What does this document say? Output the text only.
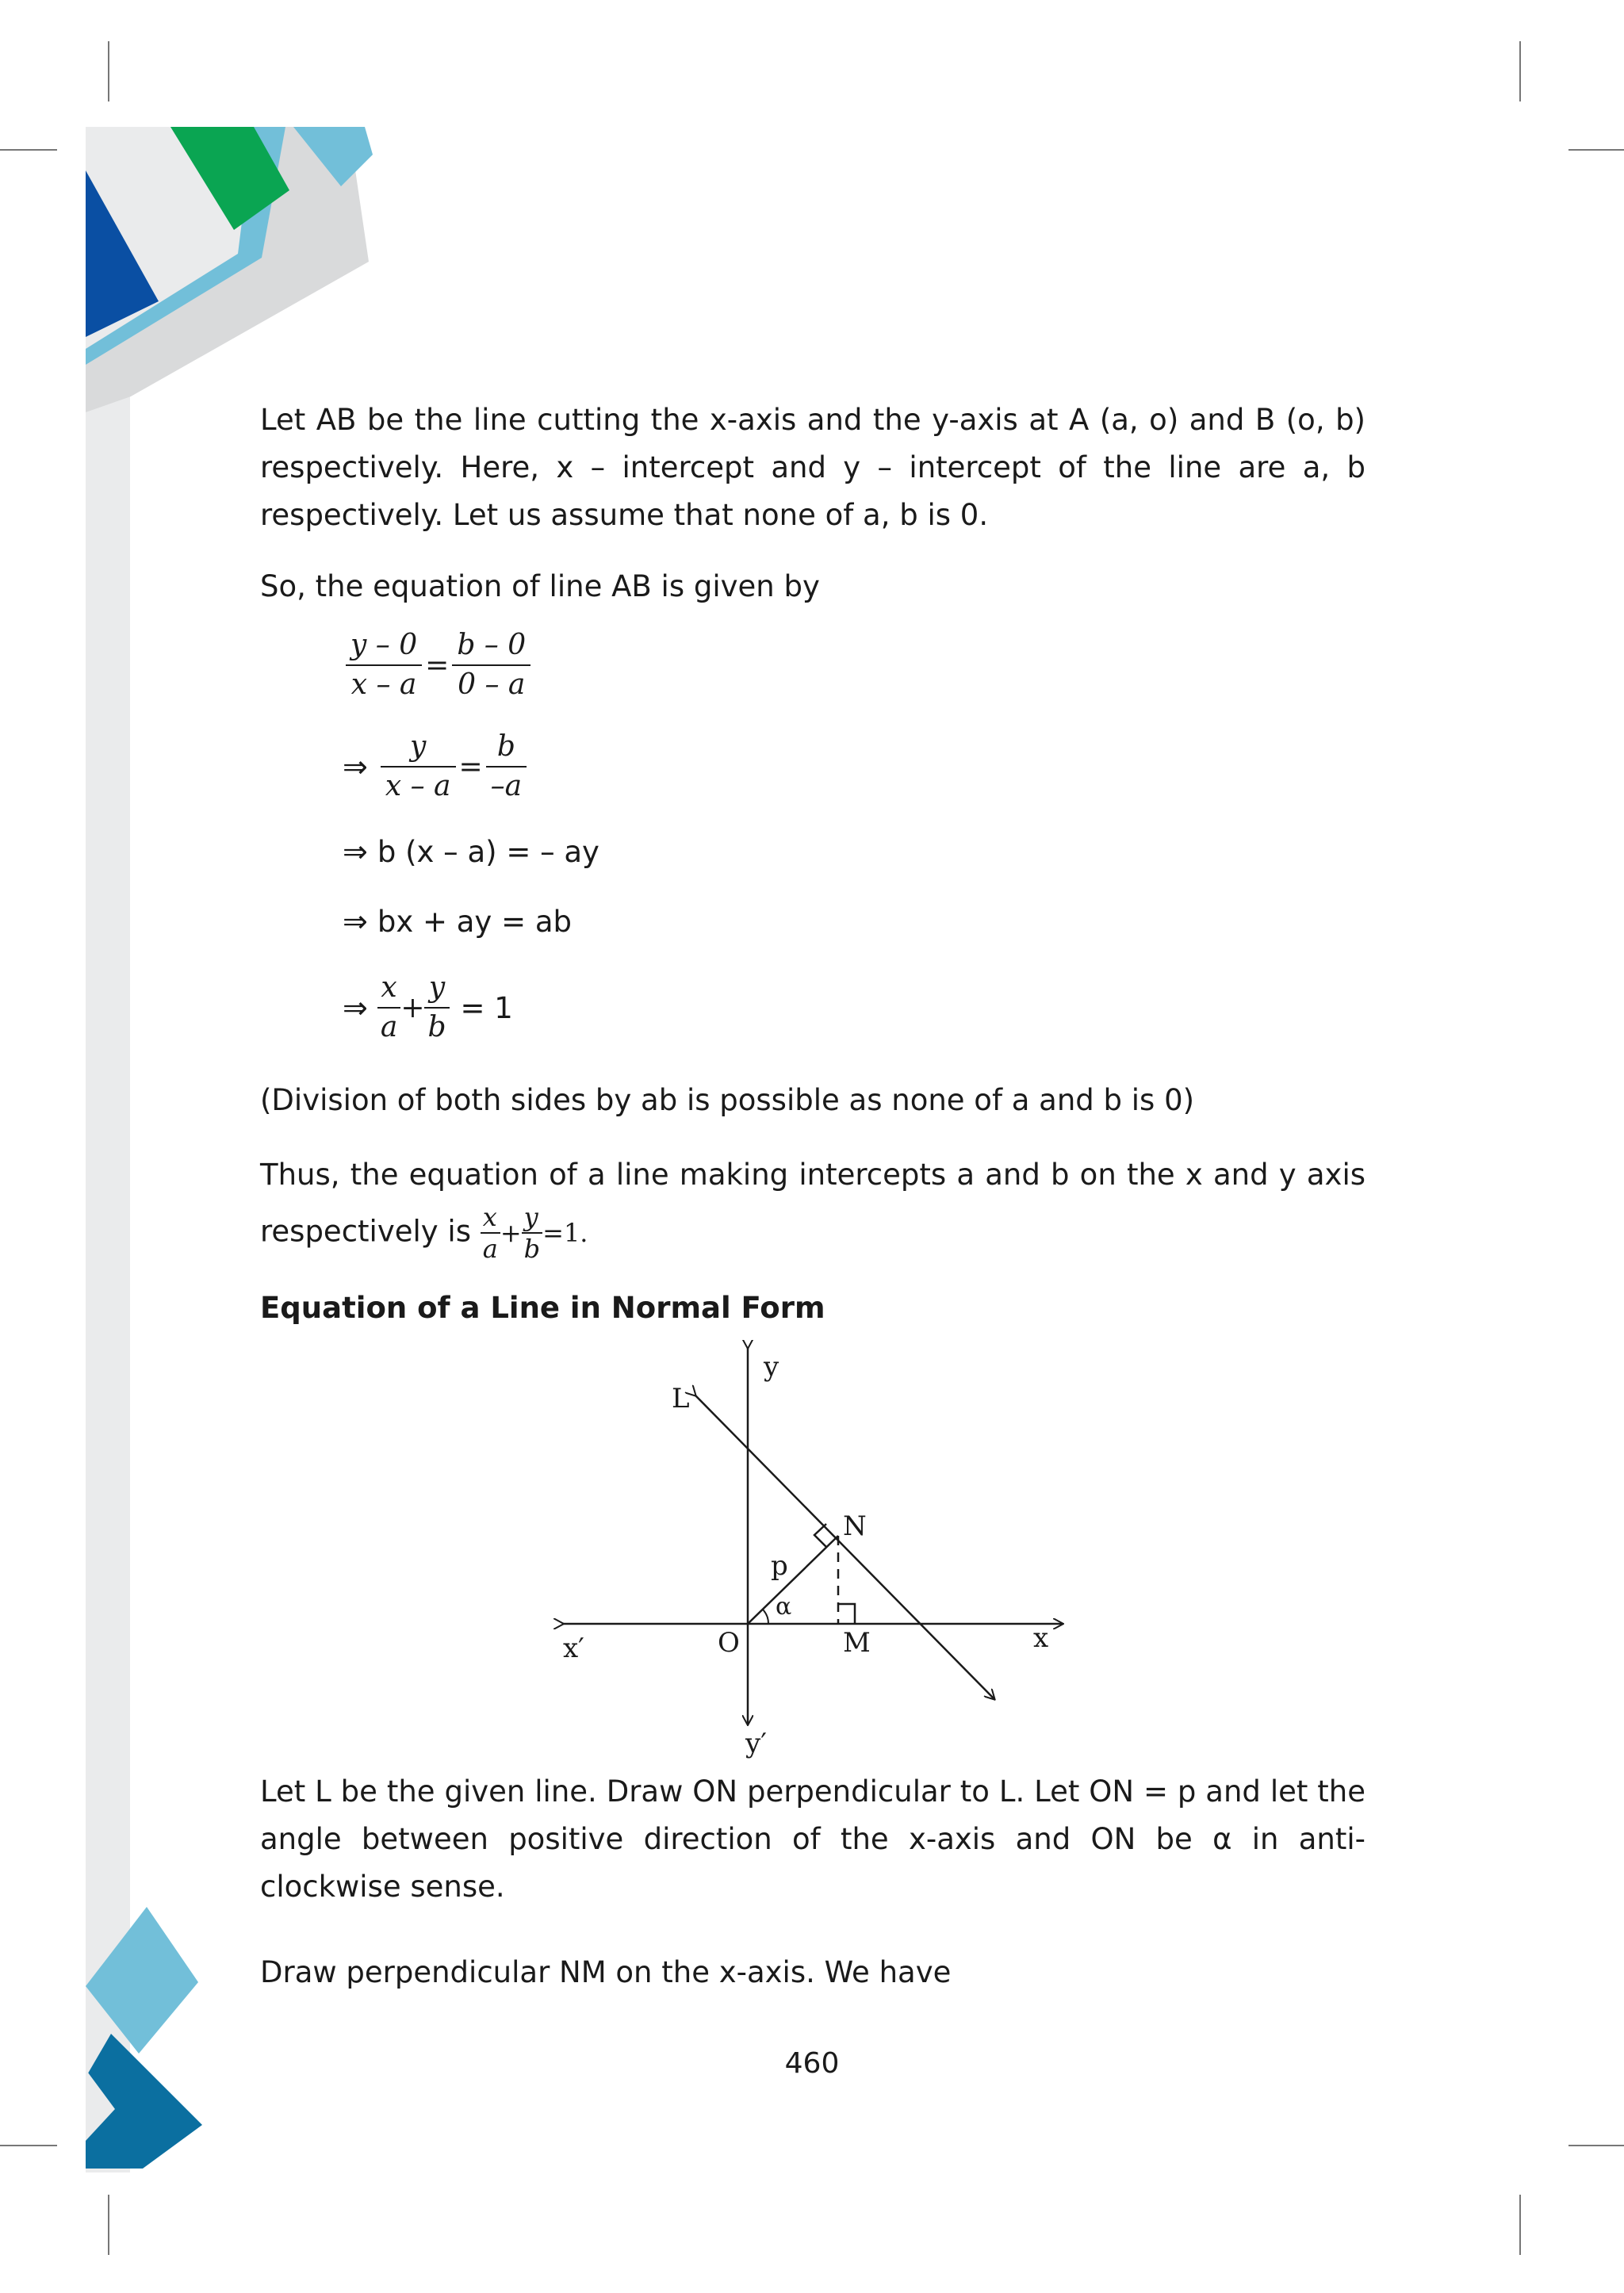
Let AB be the line cutting the x-axis and the y-axis at A (a, o) and B (o, b) respectively. Here, x – intercept and y – intercept of the line are a, b respectively. Let us assume that none of a, b is 0.
So, the equation of line AB is given by
$\frac{y - 0}{x - a} = \frac{b - 0}{0 - a}$
⇒ $\frac{y}{x - a} = \frac{b}{-a}$
⇒ b (x – a) = – ay
⇒ bx + ay = ab
⇒ $\frac{x}{a} + \frac{y}{b} = 1$
(Division of both sides by ab is possible as none of a and b is 0)
Thus, the equation of a line making intercepts a and b on the x and y axis respectively is $\frac{x}{a} + \frac{y}{b} =1$.
Equation of a Line in Normal Form
y
L
N
p
α
x′	O	M	x
y′
Let L be the given line. Draw ON perpendicular to L. Let ON = p and let the angle between positive direction of the x-axis and ON be α in anti-clockwise sense.
Draw perpendicular NM on the x-axis. We have
460
